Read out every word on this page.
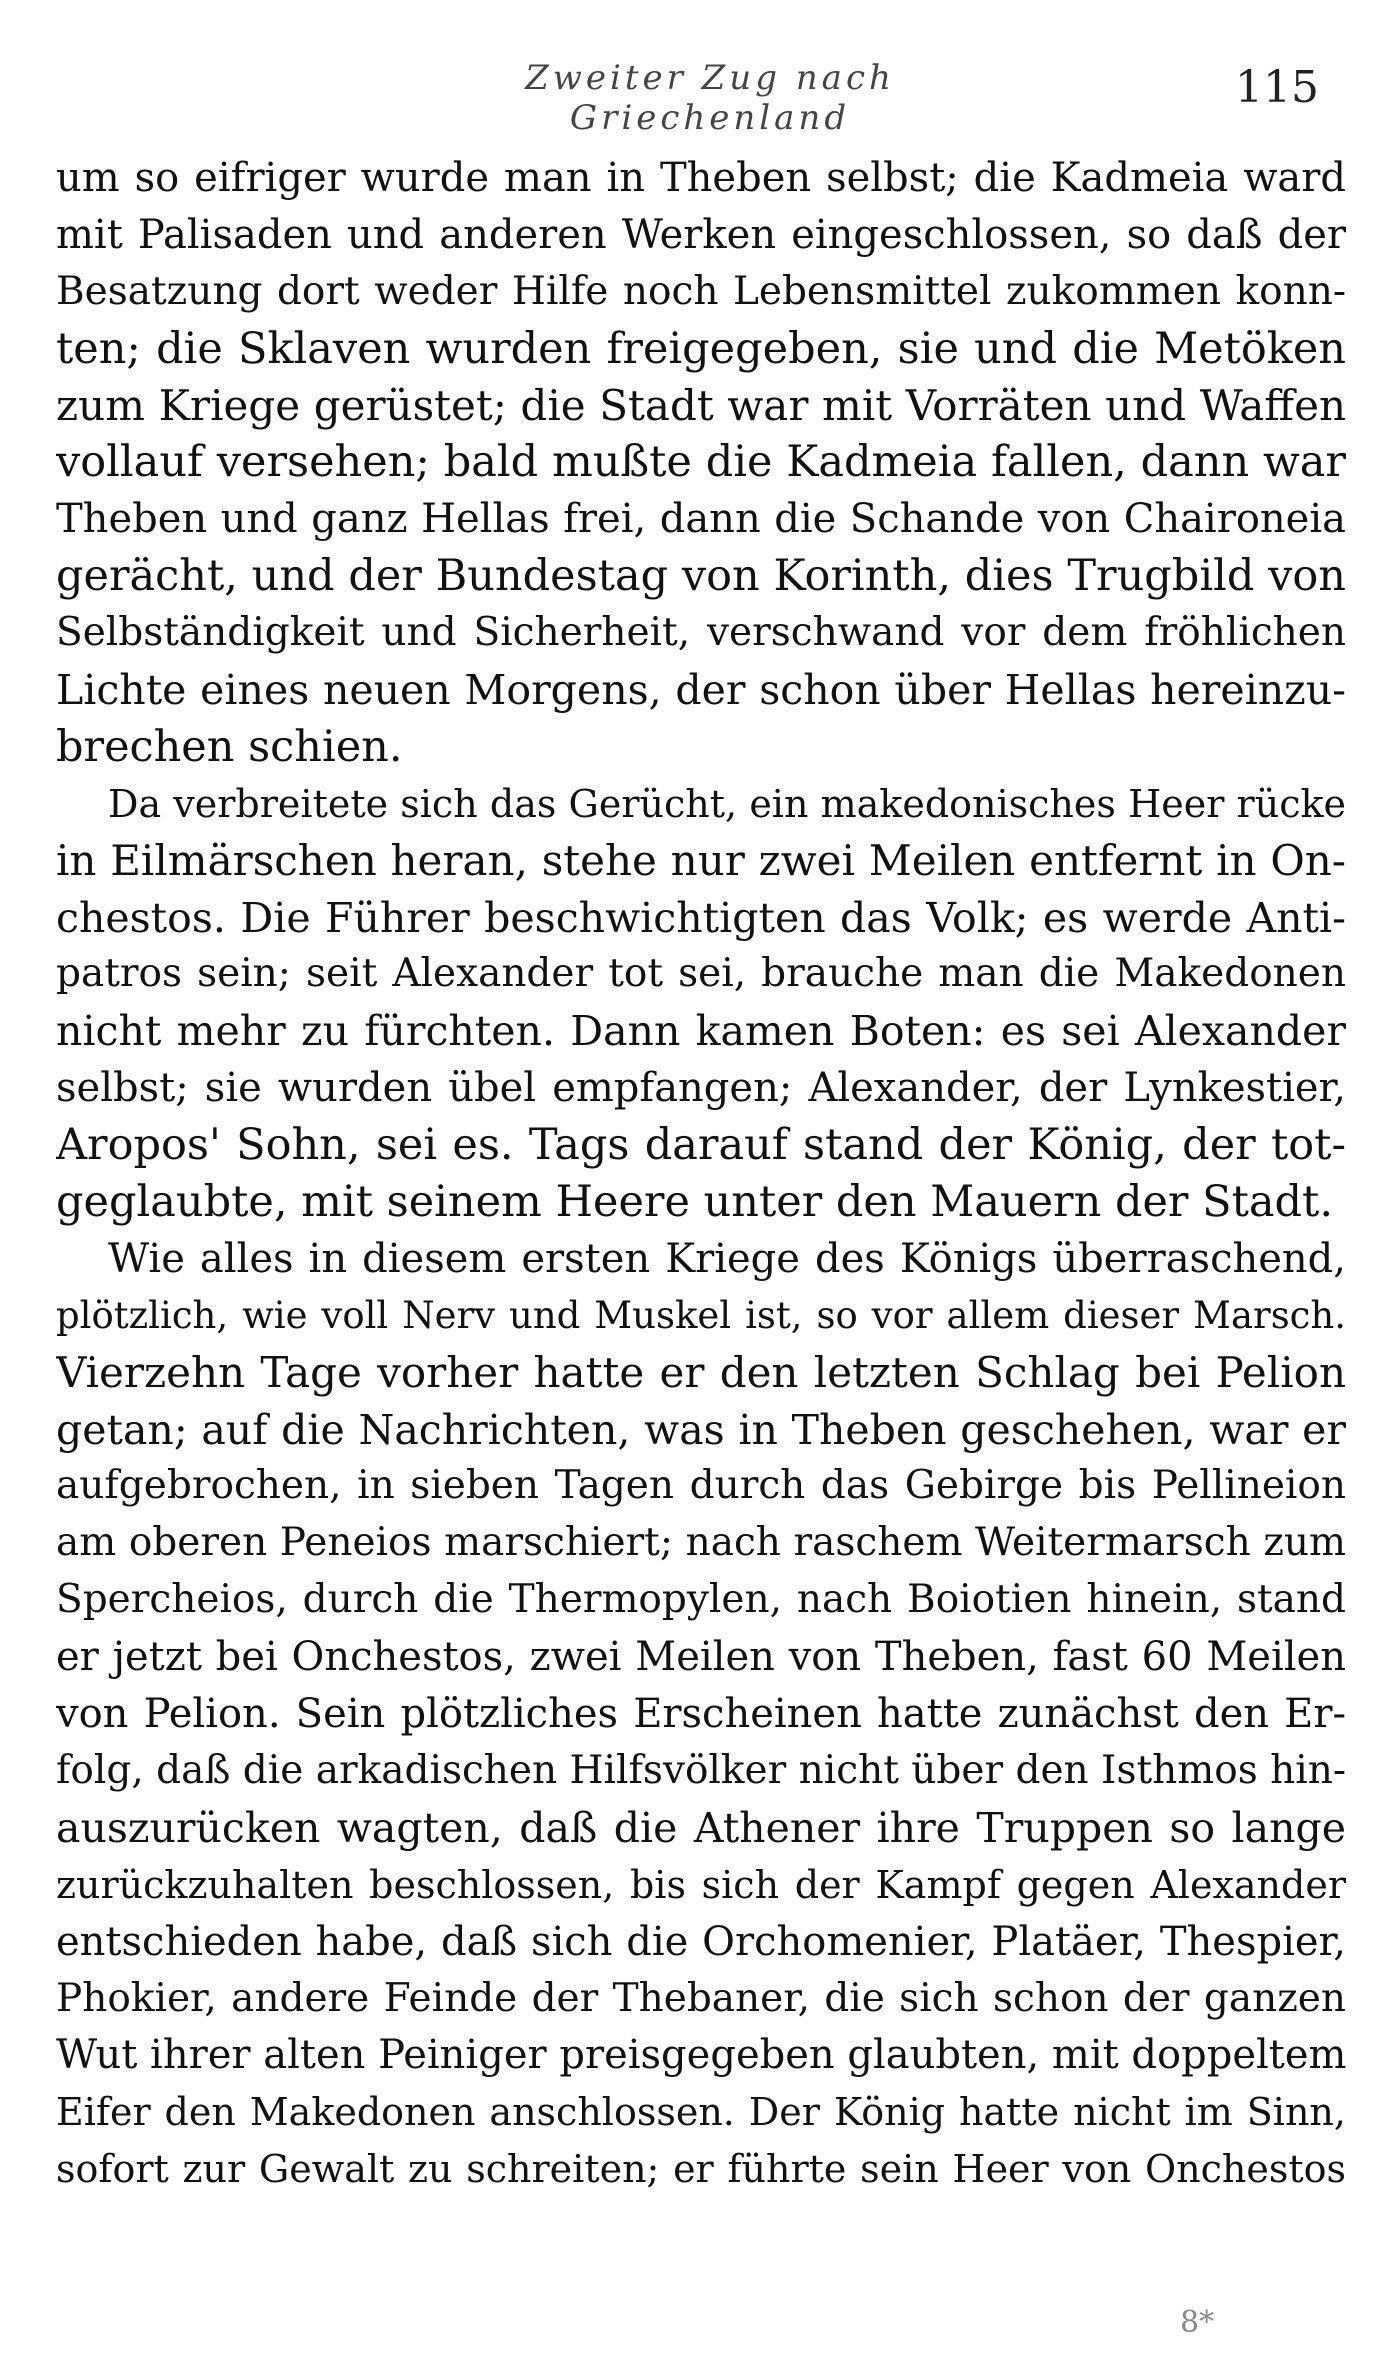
Zweiter Zug nach Griechenland
115
um so eifriger wurde man in Theben selbst; die Kadmeia ward
mit Palisaden und anderen Werken eingeschlossen, so daß der
Besatzung dort weder Hilfe noch Lebensmittel zukommen konn-
ten; die Sklaven wurden freigegeben, sie und die Metöken
zum Kriege gerüstet; die Stadt war mit Vorräten und Waffen
vollauf versehen; bald mußte die Kadmeia fallen, dann war
Theben und ganz Hellas frei, dann die Schande von Chaironeia
gerächt, und der Bundestag von Korinth, dies Trugbild von
Selbständigkeit und Sicherheit, verschwand vor dem fröhlichen
Lichte eines neuen Morgens, der schon über Hellas hereinzu-
brechen schien.
Da verbreitete sich das Gerücht, ein makedonisches Heer rücke
in Eilmärschen heran, stehe nur zwei Meilen entfernt in On-
chestos. Die Führer beschwichtigten das Volk; es werde Anti-
patros sein; seit Alexander tot sei, brauche man die Makedonen
nicht mehr zu fürchten. Dann kamen Boten: es sei Alexander
selbst; sie wurden übel empfangen; Alexander, der Lynkestier,
Aropos' Sohn, sei es. Tags darauf stand der König, der tot-
geglaubte, mit seinem Heere unter den Mauern der Stadt.
Wie alles in diesem ersten Kriege des Königs überraschend,
plötzlich, wie voll Nerv und Muskel ist, so vor allem dieser Marsch.
Vierzehn Tage vorher hatte er den letzten Schlag bei Pelion
getan; auf die Nachrichten, was in Theben geschehen, war er
aufgebrochen, in sieben Tagen durch das Gebirge bis Pellineion
am oberen Peneios marschiert; nach raschem Weitermarsch zum
Spercheios, durch die Thermopylen, nach Boiotien hinein, stand
er jetzt bei Onchestos, zwei Meilen von Theben, fast 60 Meilen
von Pelion. Sein plötzliches Erscheinen hatte zunächst den Er-
folg, daß die arkadischen Hilfsvölker nicht über den Isthmos hin-
auszurücken wagten, daß die Athener ihre Truppen so lange
zurückzuhalten beschlossen, bis sich der Kampf gegen Alexander
entschieden habe, daß sich die Orchomenier, Platäer, Thespier,
Phokier, andere Feinde der Thebaner, die sich schon der ganzen
Wut ihrer alten Peiniger preisgegeben glaubten, mit doppeltem
Eifer den Makedonen anschlossen. Der König hatte nicht im Sinn,
sofort zur Gewalt zu schreiten; er führte sein Heer von Onchestos
8*
